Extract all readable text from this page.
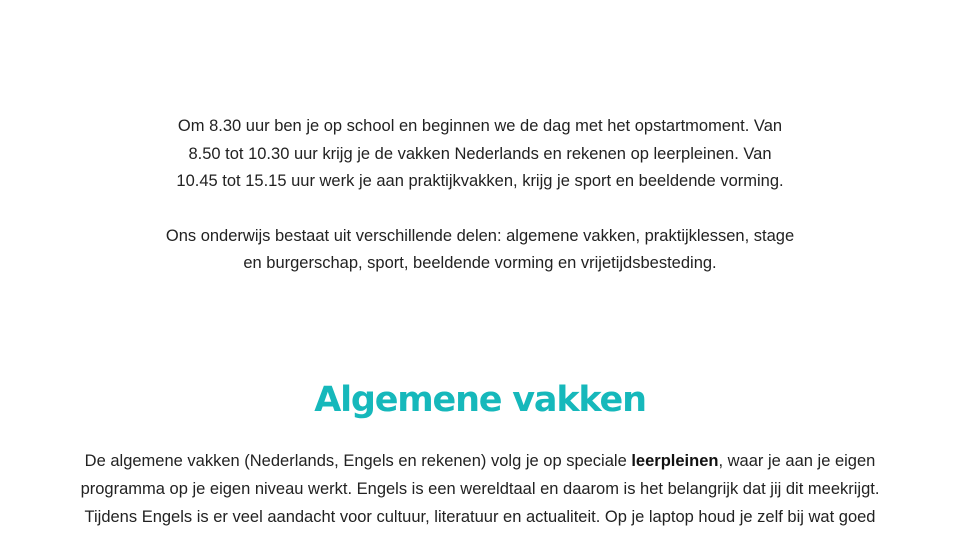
Om 8.30 uur ben je op school en beginnen we de dag met het opstartmoment. Van 8.50 tot 10.30 uur krijg je de vakken Nederlands en rekenen op leerpleinen. Van 10.45 tot 15.15 uur werk je aan praktijkvakken, krijg je sport en beeldende vorming.

Ons onderwijs bestaat uit verschillende delen: algemene vakken, praktijklessen, stage en burgerschap, sport, beeldende vorming en vrijetijdsbesteding.

Algemene vakken

De algemene vakken (Nederlands, Engels en rekenen) volg je op speciale leerpleinen, waar je aan je eigen programma op je eigen niveau werkt. Engels is een wereldtaal en daarom is het belangrijk dat jij dit meekrijgt. Tijdens Engels is er veel aandacht voor cultuur, literatuur en actualiteit. Op je laptop houd je zelf bij wat goed
